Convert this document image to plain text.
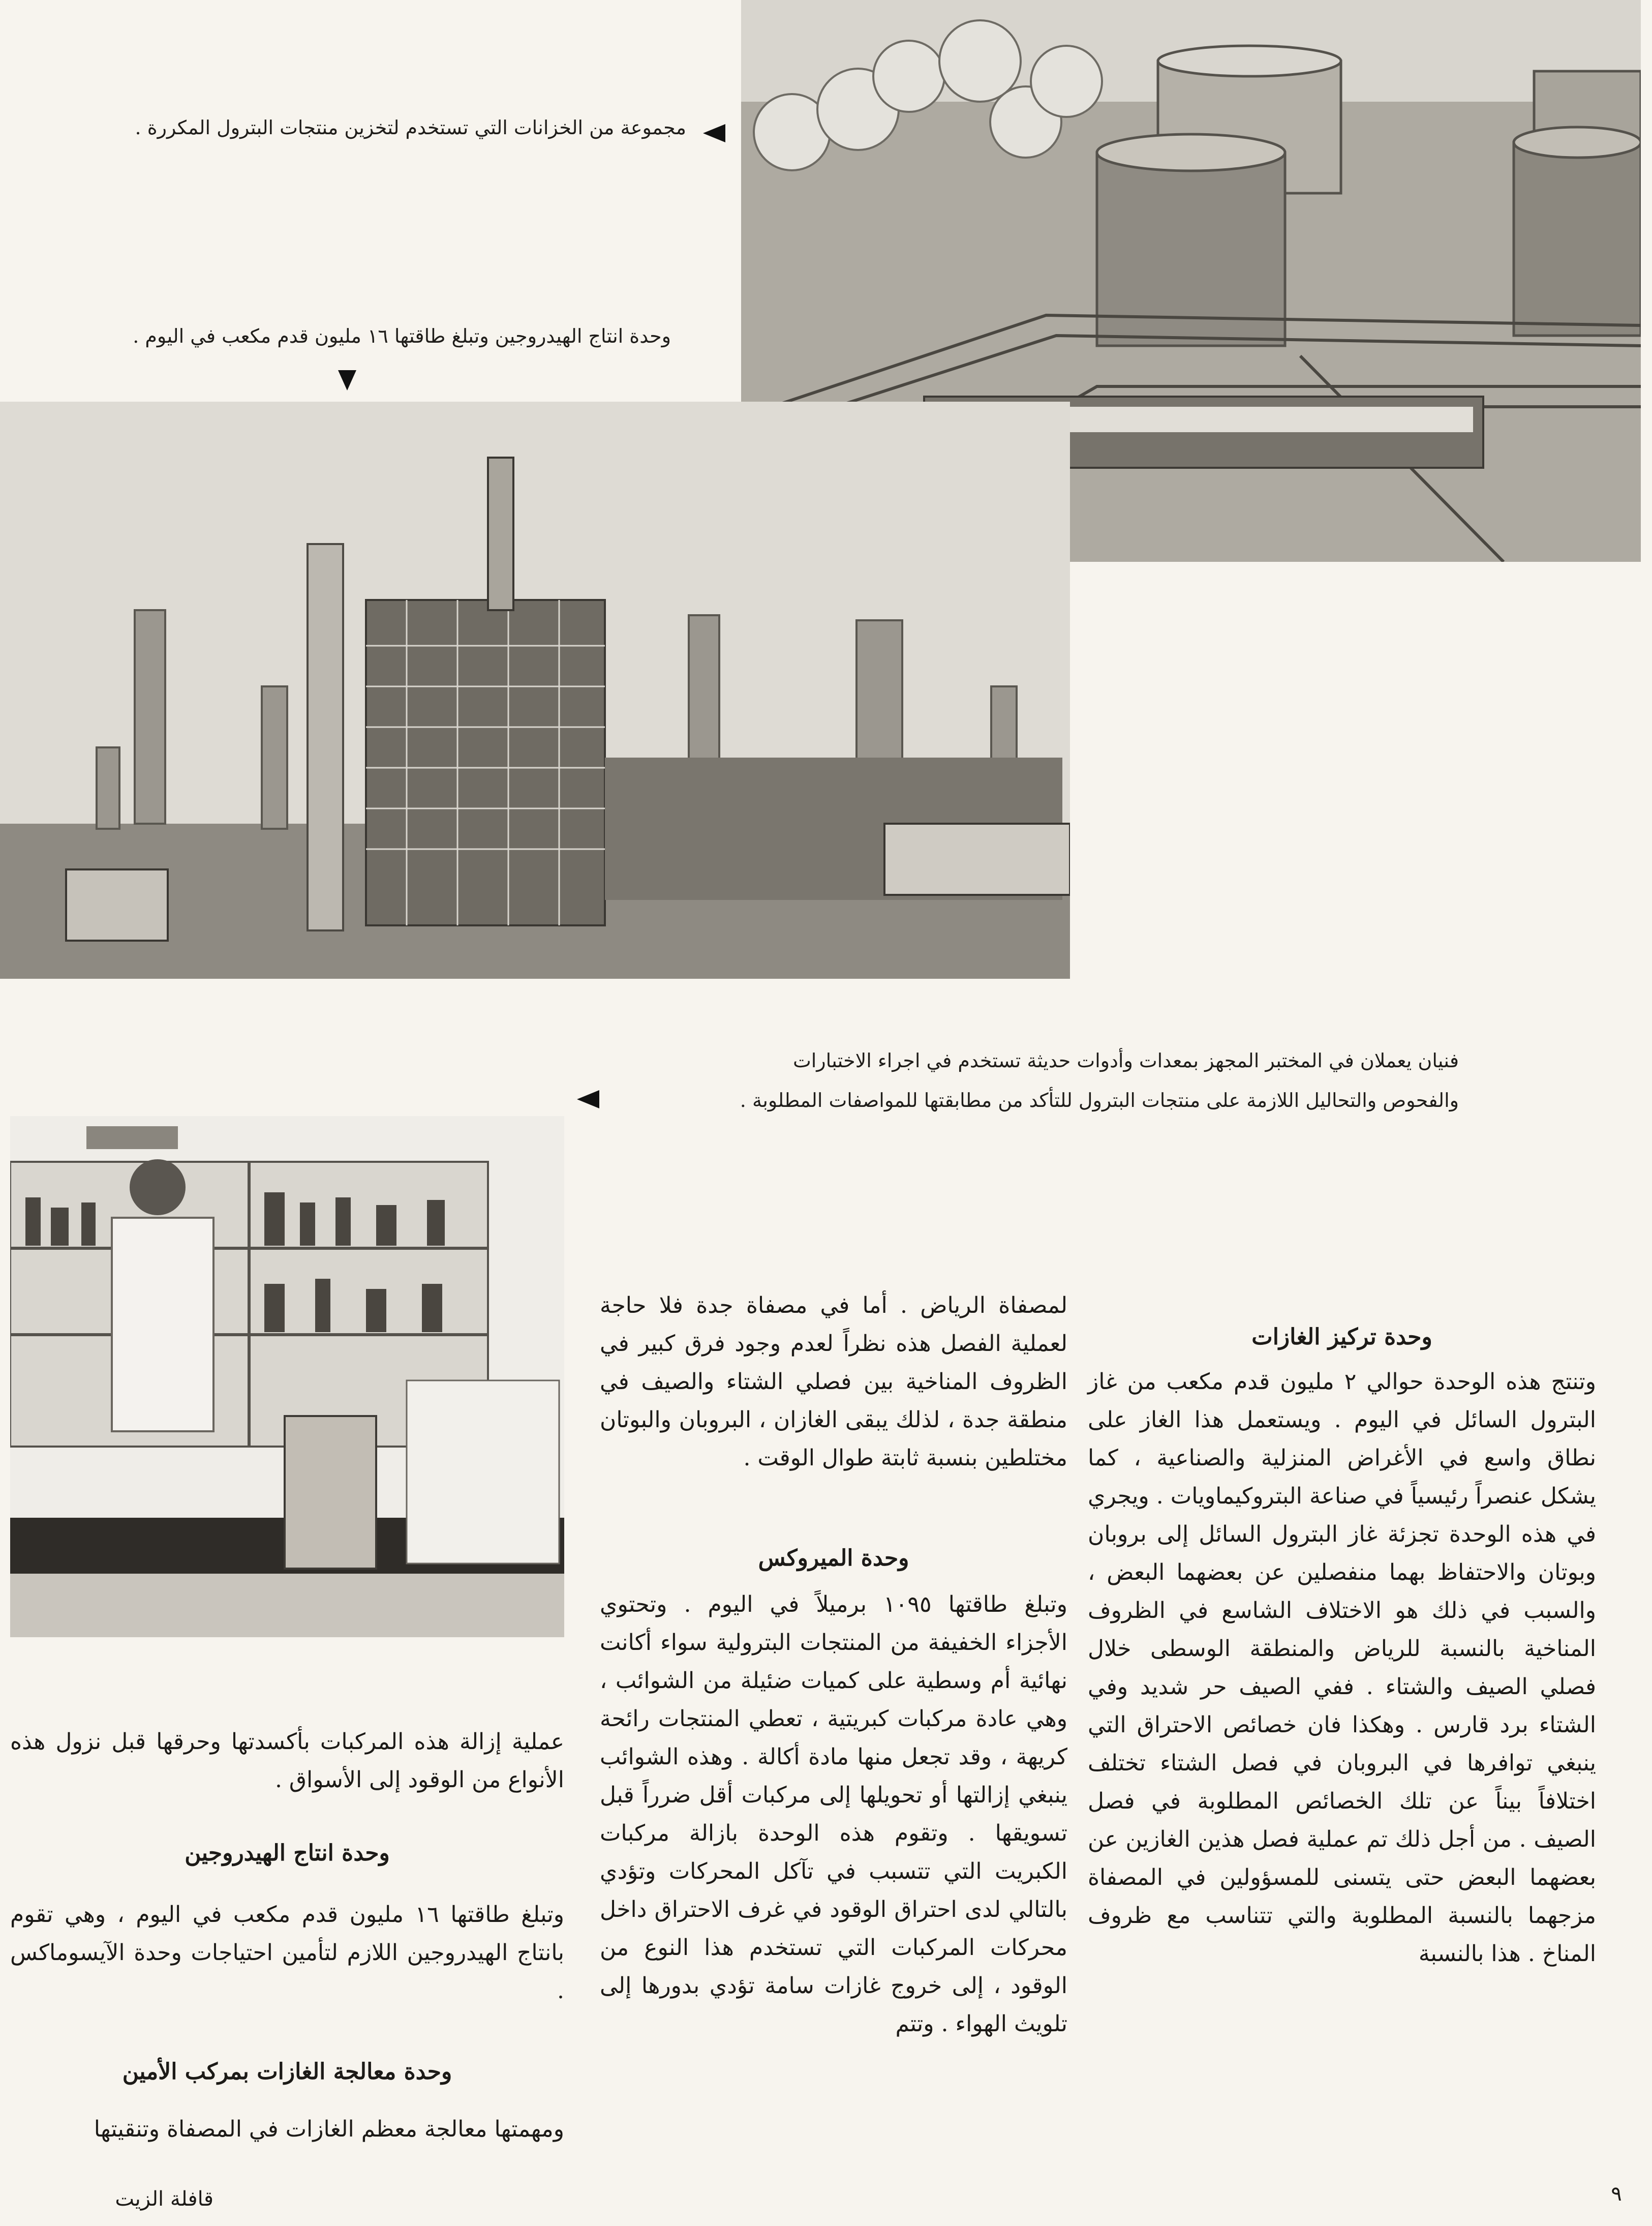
مجموعة من الخزانات التي تستخدم لتخزين منتجات البترول المكررة .
وحدة انتاج الهيدروجين وتبلغ طاقتها ١٦ مليون قدم مكعب في اليوم .
فنيان يعملان في المختبر المجهز بمعدات وأدوات حديثة تستخدم في اجراء الاختبارات
والفحوص والتحاليل اللازمة على منتجات البترول للتأكد من مطابقتها للمواصفات المطلوبة .
وحدة تركيز الغازات
وتنتج هذه الوحدة حوالي ٢ مليون قدم مكعب من غاز البترول السائل في اليوم . ويستعمل هذا الغاز على نطاق واسع في الأغراض المنزلية والصناعية ، كما يشكل عنصراً رئيسياً في صناعة البتروكيماويات . ويجري في هذه الوحدة تجزئة غاز البترول السائل إلى بروبان وبوتان والاحتفاظ بهما منفصلين عن بعضهما البعض ، والسبب في ذلك هو الاختلاف الشاسع في الظروف المناخية بالنسبة للرياض والمنطقة الوسطى خلال فصلي الصيف والشتاء . ففي الصيف حر شديد وفي الشتاء برد قارس . وهكذا فان خصائص الاحتراق التي ينبغي توافرها في البروبان في فصل الشتاء تختلف اختلافاً بيناً عن تلك الخصائص المطلوبة في فصل الصيف . من أجل ذلك تم عملية فصل هذين الغازين عن بعضهما البعض حتى يتسنى للمسؤولين في المصفاة مزجهما بالنسبة المطلوبة والتي تتناسب مع ظروف المناخ . هذا بالنسبة
لمصفاة الرياض . أما في مصفاة جدة فلا حاجة لعملية الفصل هذه نظراً لعدم وجود فرق كبير في الظروف المناخية بين فصلي الشتاء والصيف في منطقة جدة ، لذلك يبقى الغازان ، البروبان والبوتان مختلطين بنسبة ثابتة طوال الوقت .
وحدة الميروكس
وتبلغ طاقتها ١٠٩٥ برميلاً في اليوم . وتحتوي الأجزاء الخفيفة من المنتجات البترولية سواء أكانت نهائية أم وسطية على كميات ضئيلة من الشوائب ، وهي عادة مركبات كبريتية ، تعطي المنتجات رائحة كريهة ، وقد تجعل منها مادة أكالة . وهذه الشوائب ينبغي إزالتها أو تحويلها إلى مركبات أقل ضرراً قبل تسويقها . وتقوم هذه الوحدة بازالة مركبات الكبريت التي تتسبب في تآكل المحركات وتؤدي بالتالي لدى احتراق الوقود في غرف الاحتراق داخل محركات المركبات التي تستخدم هذا النوع من الوقود ، إلى خروج غازات سامة تؤدي بدورها إلى تلويث الهواء . وتتم
عملية إزالة هذه المركبات بأكسدتها وحرقها قبل نزول هذه الأنواع من الوقود إلى الأسواق .
وحدة انتاج الهيدروجين
وتبلغ طاقتها ١٦ مليون قدم مكعب في اليوم ، وهي تقوم بانتاج الهيدروجين اللازم لتأمين احتياجات وحدة الآيسوماكس .
وحدة معالجة الغازات بمركب الأمين
ومهمتها معالجة معظم الغازات في المصفاة وتنقيتها
٩
قافلة الزيت
